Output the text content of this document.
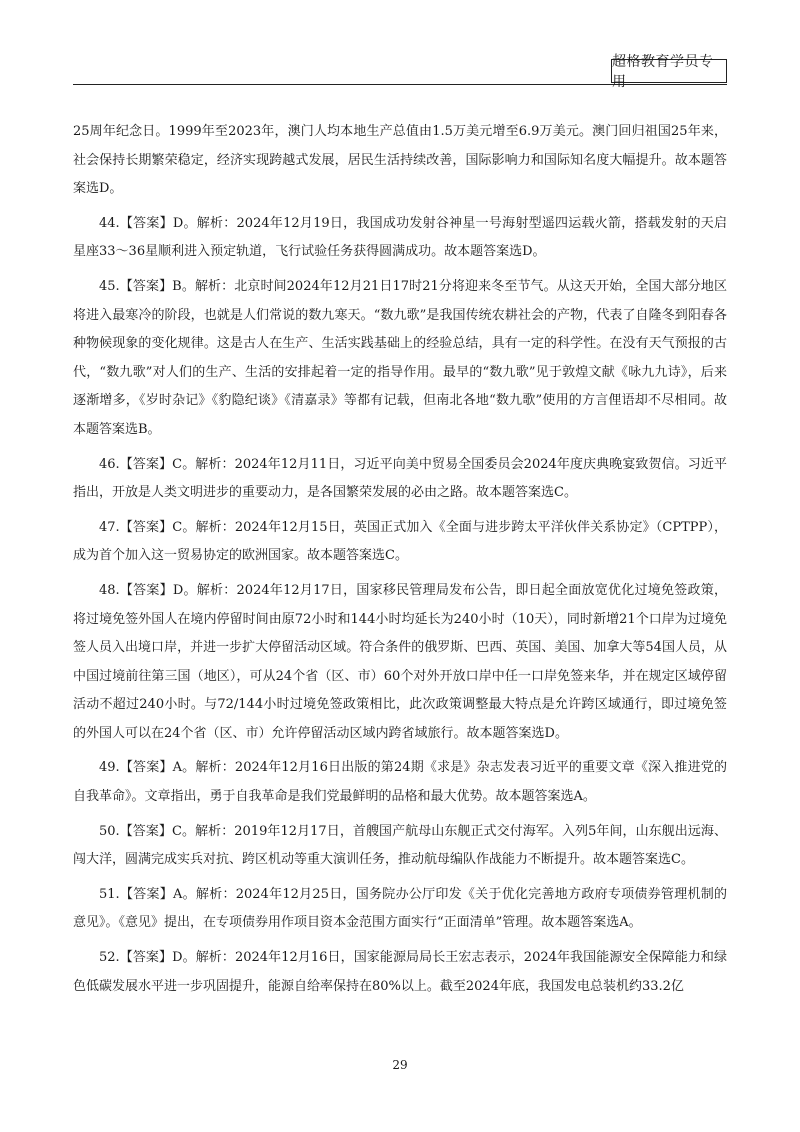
超格教育学员专用

25周年纪念日。1999年至2023年，澳门人均本地生产总值由1.5万美元增至6.9万美元。澳门回归祖国25年来，社会保持长期繁荣稳定，经济实现跨越式发展，居民生活持续改善，国际影响力和国际知名度大幅提升。故本题答案选D。

44.【答案】D。解析：2024年12月19日，我国成功发射谷神星一号海射型遥四运载火箭，搭载发射的天启星座33～36星顺利进入预定轨道，飞行试验任务获得圆满成功。故本题答案选D。

45.【答案】B。解析：北京时间2024年12月21日17时21分将迎来冬至节气。从这天开始，全国大部分地区将进入最寒冷的阶段，也就是人们常说的数九寒天。“数九歌”是我国传统农耕社会的产物，代表了自隆冬到阳春各种物候现象的变化规律。这是古人在生产、生活实践基础上的经验总结，具有一定的科学性。在没有天气预报的古代，“数九歌”对人们的生产、生活的安排起着一定的指导作用。最早的“数九歌”见于敦煌文献《咏九九诗》，后来逐渐增多，《岁时杂记》《豹隐纪谈》《清嘉录》等都有记载，但南北各地“数九歌”使用的方言俚语却不尽相同。故本题答案选B。

46.【答案】C。解析：2024年12月11日，习近平向美中贸易全国委员会2024年度庆典晚宴致贺信。习近平指出，开放是人类文明进步的重要动力，是各国繁荣发展的必由之路。故本题答案选C。

47.【答案】C。解析：2024年12月15日，英国正式加入《全面与进步跨太平洋伙伴关系协定》（CPTPP），成为首个加入这一贸易协定的欧洲国家。故本题答案选C。

48.【答案】D。解析：2024年12月17日，国家移民管理局发布公告，即日起全面放宽优化过境免签政策，将过境免签外国人在境内停留时间由原72小时和144小时均延长为240小时（10天），同时新增21个口岸为过境免签人员入出境口岸，并进一步扩大停留活动区域。符合条件的俄罗斯、巴西、英国、美国、加拿大等54国人员，从中国过境前往第三国（地区），可从24个省（区、市）60个对外开放口岸中任一口岸免签来华，并在规定区域停留活动不超过240小时。与72/144小时过境免签政策相比，此次政策调整最大特点是允许跨区域通行，即过境免签的外国人可以在24个省（区、市）允许停留活动区域内跨省域旅行。故本题答案选D。

49.【答案】A。解析：2024年12月16日出版的第24期《求是》杂志发表习近平的重要文章《深入推进党的自我革命》。文章指出，勇于自我革命是我们党最鲜明的品格和最大优势。故本题答案选A。

50.【答案】C。解析：2019年12月17日，首艘国产航母山东舰正式交付海军。入列5年间，山东舰出远海、闯大洋，圆满完成实兵对抗、跨区机动等重大演训任务，推动航母编队作战能力不断提升。故本题答案选C。

51.【答案】A。解析：2024年12月25日，国务院办公厅印发《关于优化完善地方政府专项债券管理机制的意见》。《意见》提出，在专项债券用作项目资本金范围方面实行“正面清单”管理。故本题答案选A。

52.【答案】D。解析：2024年12月16日，国家能源局局长王宏志表示，2024年我国能源安全保障能力和绿色低碳发展水平进一步巩固提升，能源自给率保持在80%以上。截至2024年底，我国发电总装机约33.2亿

29
